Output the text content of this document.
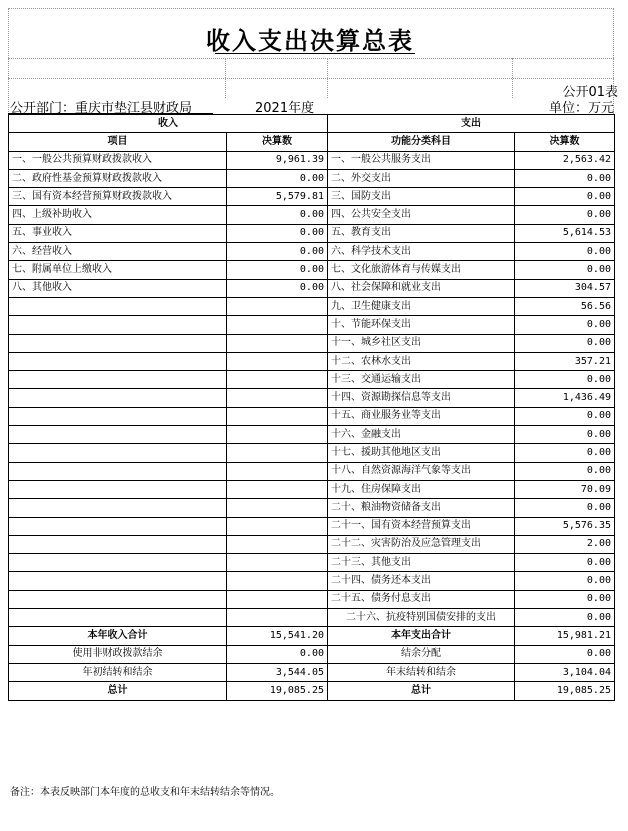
收入支出决算总表
公开01表
公开部门：重庆市垫江县财政局	2021年度	单位：万元
收入		支出	
项目	决算数	功能分类科目	决算数
一、一般公共预算财政拨款收入	9,961.39	一、一般公共服务支出	2,563.42
二、政府性基金预算财政拨款收入	0.00	二、外交支出	0.00
三、国有资本经营预算财政拨款收入	5,579.81	三、国防支出	0.00
四、上级补助收入	0.00	四、公共安全支出	0.00
五、事业收入	0.00	五、教育支出	5,614.53
六、经营收入	0.00	六、科学技术支出	0.00
七、附属单位上缴收入	0.00	七、文化旅游体育与传媒支出	0.00
八、其他收入	0.00	八、社会保障和就业支出	304.57
		九、卫生健康支出	56.56
		十、节能环保支出	0.00
		十一、城乡社区支出	0.00
		十二、农林水支出	357.21
		十三、交通运输支出	0.00
		十四、资源勘探信息等支出	1,436.49
		十五、商业服务业等支出	0.00
		十六、金融支出	0.00
		十七、援助其他地区支出	0.00
		十八、自然资源海洋气象等支出	0.00
		十九、住房保障支出	70.09
		二十、粮油物资储备支出	0.00
		二十一、国有资本经营预算支出	5,576.35
		二十二、灾害防治及应急管理支出	2.00
		二十三、其他支出	0.00
		二十四、债务还本支出	0.00
		二十五、债务付息支出	0.00
		二十六、抗疫特别国债安排的支出	0.00
本年收入合计	15,541.20	本年支出合计	15,981.21
使用非财政拨款结余	0.00	结余分配	0.00
年初结转和结余	3,544.05	年末结转和结余	3,104.04
总计	19,085.25	总计	19,085.25
备注：本表反映部门本年度的总收支和年末结转结余等情况。
